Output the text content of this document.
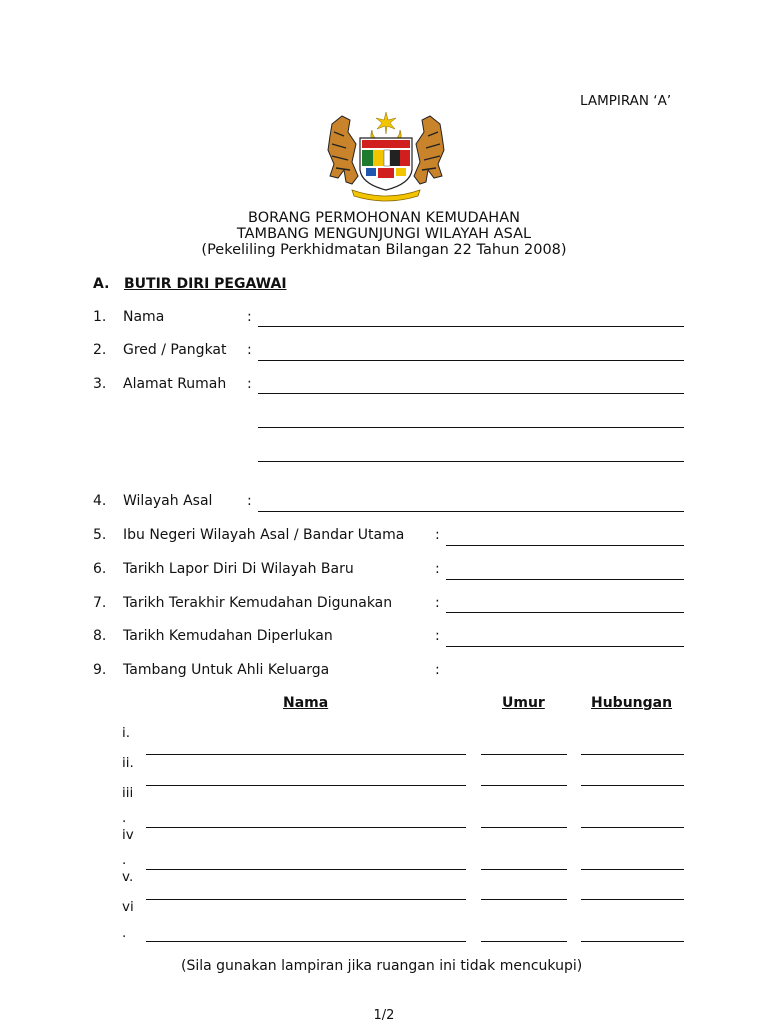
LAMPIRAN ‘A’
BORANG PERMOHONAN KEMUDAHAN
TAMBANG MENGUNJUNGI WILAYAH ASAL
(Pekeliling Perkhidmatan Bilangan 22 Tahun 2008)
A. BUTIR DIRI PEGAWAI
1. Nama	:
2. Gred / Pangkat :
3. Alamat Rumah :
4. Wilayah Asal :
5. Ibu Negeri Wilayah Asal / Bandar Utama :
6. Tarikh Lapor Diri Di Wilayah Baru	:
7. Tarikh Terakhir Kemudahan Digunakan	:
8. Tarikh Kemudahan Diperlukan	:
9. Tambang Untuk Ahli Keluarga	:
Nama	Umur	Hubungan
i.
ii.
iii
.
iv
.
v.
vi
.
(Sila gunakan lampiran jika ruangan ini tidak mencukupi)
1/2
